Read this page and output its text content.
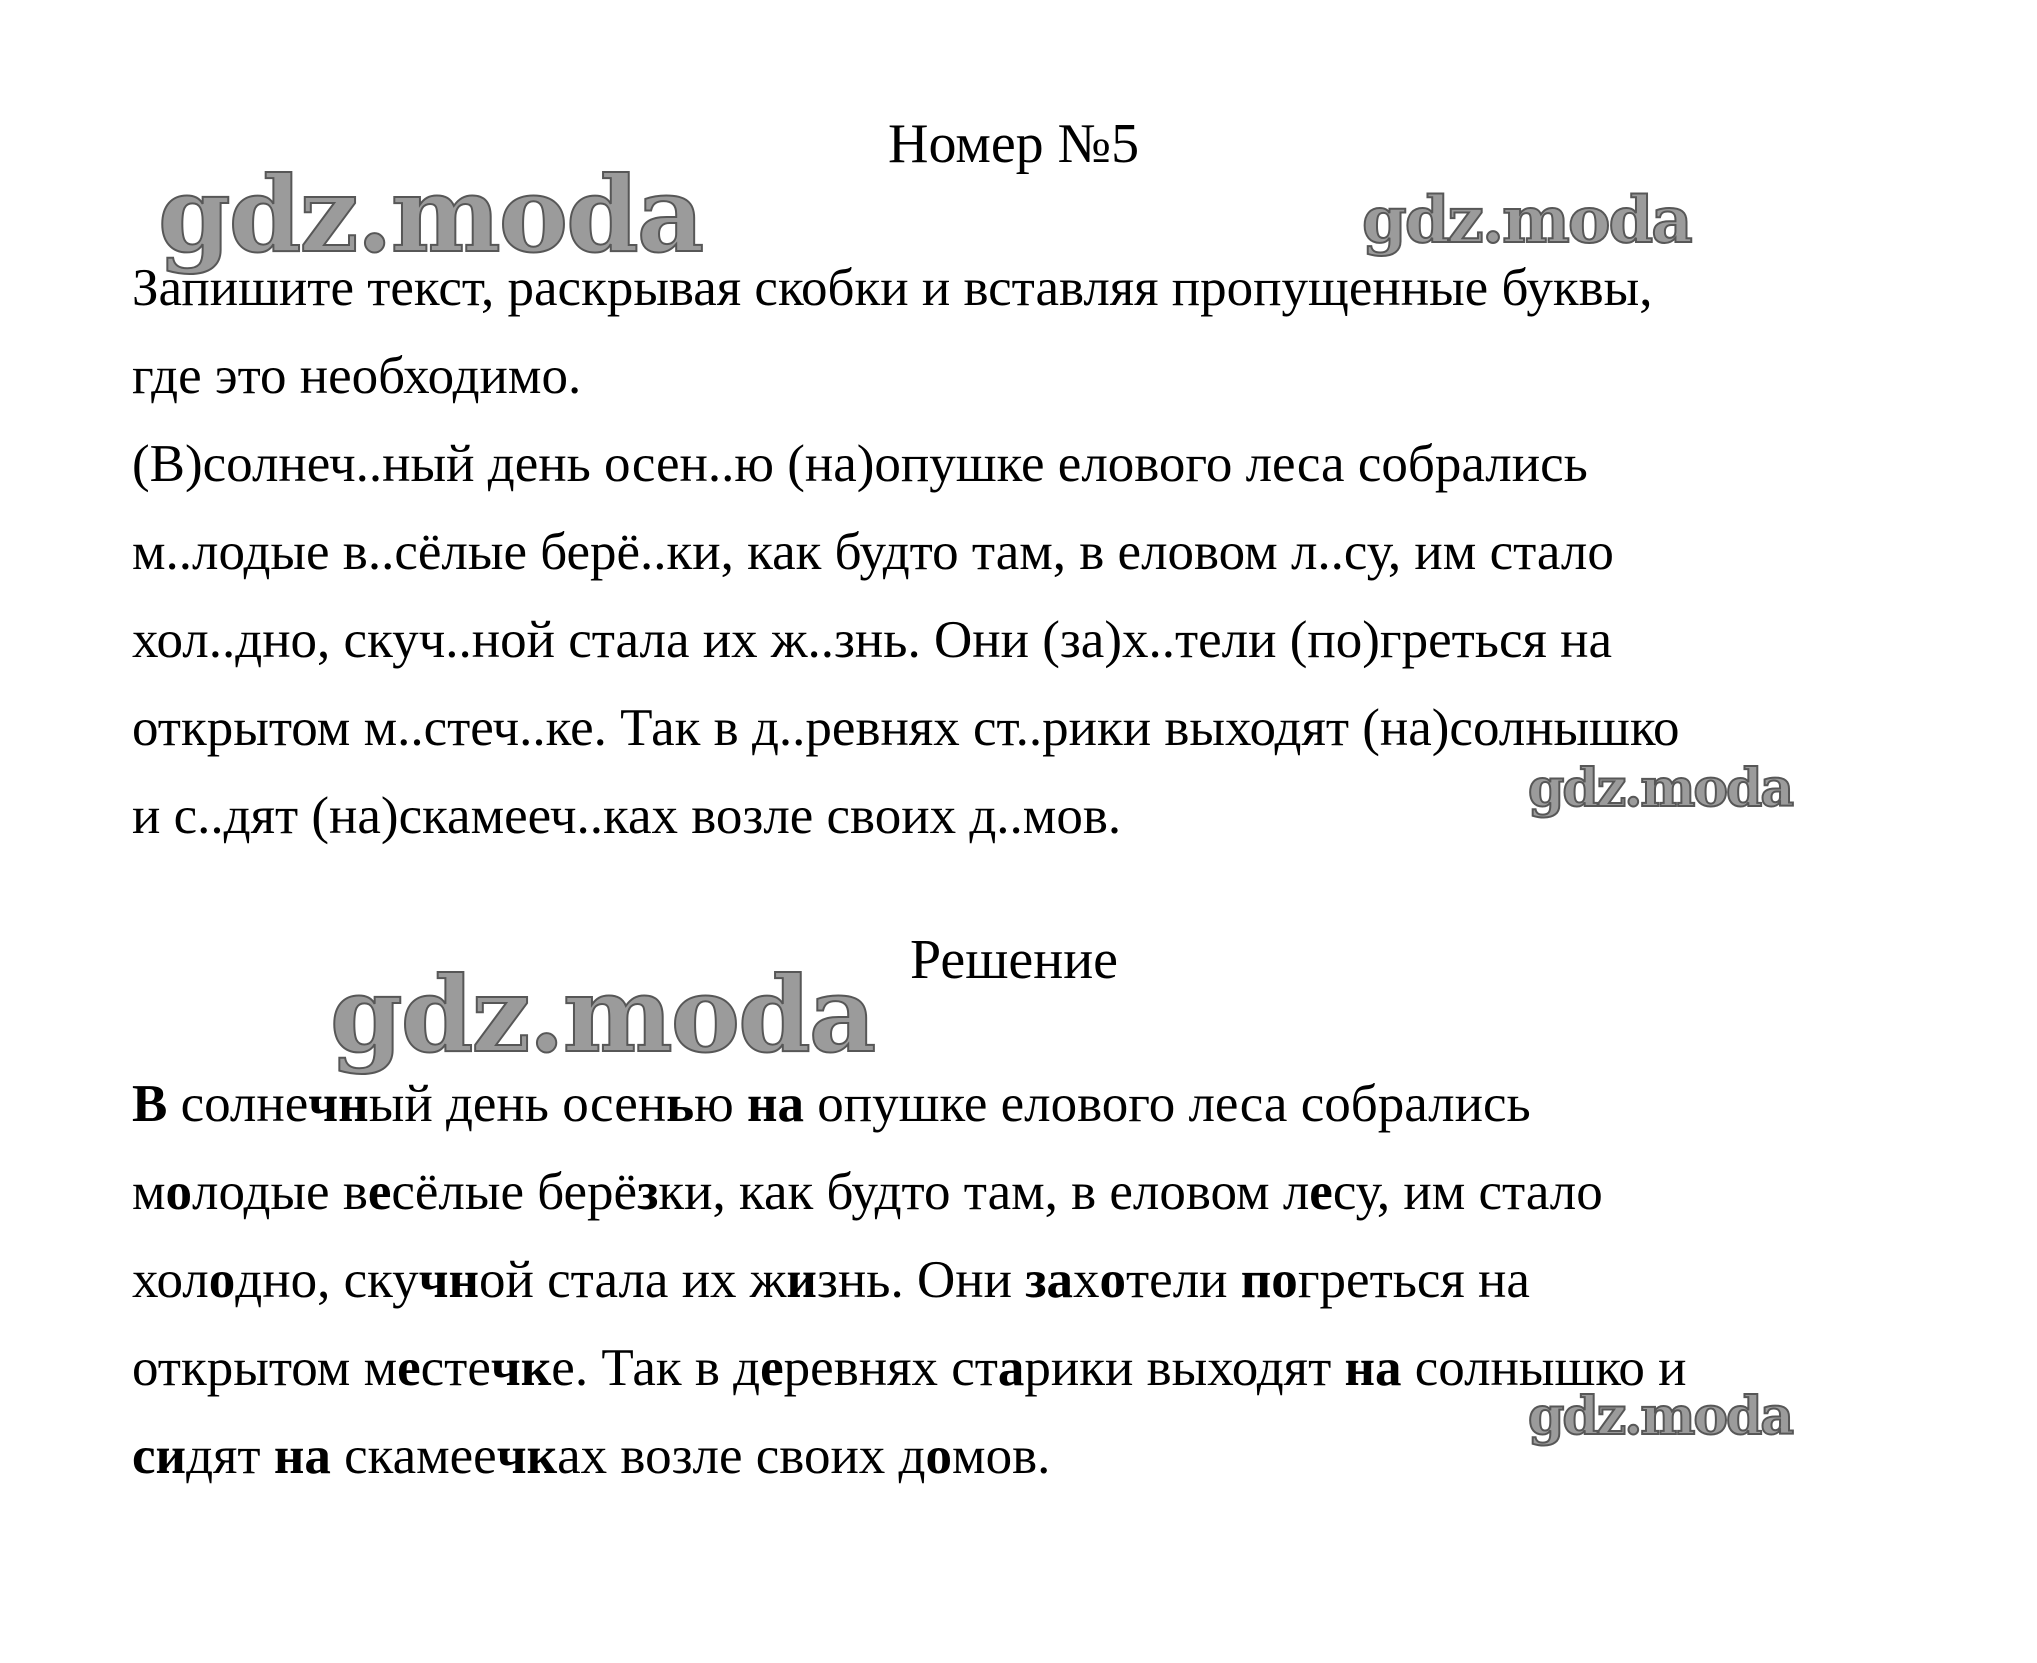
Номер №5
Запишите текст, раскрывая скобки и вставляя пропущенные буквы,
где это необходимо.
(В)солнеч..ный день осен..ю (на)опушке елового леса собрались
м..лодые в..сёлые берё..ки, как будто там, в еловом л..су, им стало
хол..дно, скуч..ной стала их ж..знь. Они (за)х..тели (по)греться на
открытом м..стеч..ке. Так в д..ревнях ст..рики выходят (на)солнышко
и с..дят (на)скамееч..ках возле своих д..мов.
Решение
В солнечный день осенью на опушке елового леса собрались
молодые весёлые берёзки, как будто там, в еловом лесу, им стало
холодно, скучной стала их жизнь. Они захотели погреться на
открытом местечке. Так в деревнях старики выходят на солнышко и
сидят на скамеечках возле своих домов.
gdz.moda	gdz.moda
gdz.moda
gdz.moda
gdz.moda
